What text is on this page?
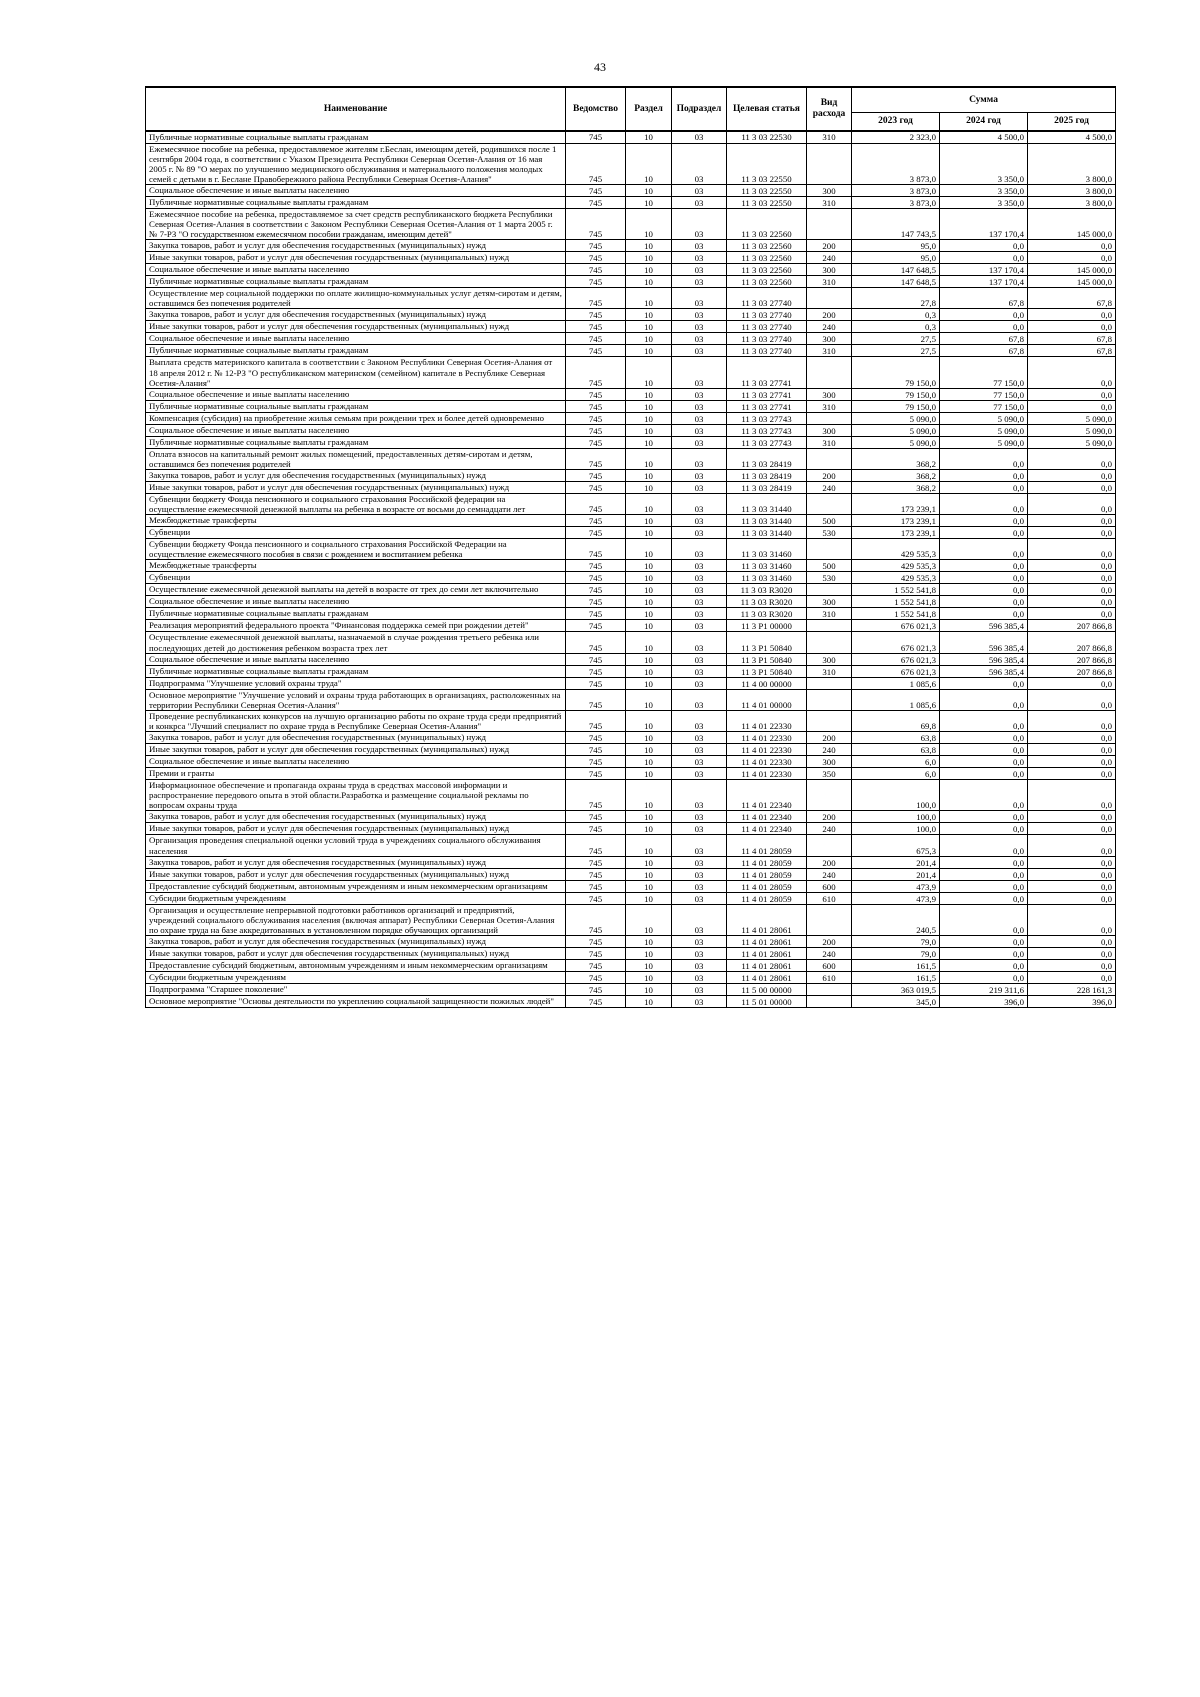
43
Наименование	Ведомство	Раздел	Подраздел	Целевая статья	Вид расхода	Сумма		
						2023 год	2024 год	2025 год
Публичные нормативные социальные выплаты гражданам	745	10	03	11 3 03 22530	310	2 323,0	4 500,0	4 500,0
Ежемесячное пособие на ребенка, предоставляемое жителям г.Беслан, имеющим детей, родившихся после 1 сентября 2004 года, в соответствии с Указом Президента Республики Северная Осетия-Алания от 16 мая 2005 г. № 89 "О мерах по улучшению медицинского обслуживания и материального положения молодых семей с детьми в г. Беслане Правобережного района Республики Северная Осетия-Алания"	745	10	03	11 3 03 22550		3 873,0	3 350,0	3 800,0
Социальное обеспечение и иные выплаты населению	745	10	03	11 3 03 22550	300	3 873,0	3 350,0	3 800,0
Публичные нормативные социальные выплаты гражданам	745	10	03	11 3 03 22550	310	3 873,0	3 350,0	3 800,0
Ежемесячное пособие на ребенка, предоставляемое за счет средств республиканского бюджета Республики Северная Осетия-Алания в соответствии с Законом Республики Северная Осетия-Алания от 1 марта 2005 г. № 7-РЗ "О государственном ежемесячном пособии гражданам, имеющим детей"	745	10	03	11 3 03 22560		147 743,5	137 170,4	145 000,0
Закупка товаров, работ и услуг для обеспечения государственных (муниципальных) нужд	745	10	03	11 3 03 22560	200	95,0	0,0	0,0
Иные закупки товаров, работ и услуг для обеспечения государственных (муниципальных) нужд	745	10	03	11 3 03 22560	240	95,0	0,0	0,0
Социальное обеспечение и иные выплаты населению	745	10	03	11 3 03 22560	300	147 648,5	137 170,4	145 000,0
Публичные нормативные социальные выплаты гражданам	745	10	03	11 3 03 22560	310	147 648,5	137 170,4	145 000,0
Осуществление мер социальной поддержки по оплате жилищно-коммунальных услуг детям-сиротам и детям, оставшимся без попечения родителей	745	10	03	11 3 03 27740		27,8	67,8	67,8
Закупка товаров, работ и услуг для обеспечения государственных (муниципальных) нужд	745	10	03	11 3 03 27740	200	0,3	0,0	0,0
Иные закупки товаров, работ и услуг для обеспечения государственных (муниципальных) нужд	745	10	03	11 3 03 27740	240	0,3	0,0	0,0
Социальное обеспечение и иные выплаты населению	745	10	03	11 3 03 27740	300	27,5	67,8	67,8
Публичные нормативные социальные выплаты гражданам	745	10	03	11 3 03 27740	310	27,5	67,8	67,8
Выплата средств материнского капитала в соответствии с Законом Республики Северная Осетия-Алания от 18 апреля 2012 г. № 12-РЗ "О республиканском материнском (семейном) капитале в Республике Северная Осетия-Алания"	745	10	03	11 3 03 27741		79 150,0	77 150,0	0,0
Социальное обеспечение и иные выплаты населению	745	10	03	11 3 03 27741	300	79 150,0	77 150,0	0,0
Публичные нормативные социальные выплаты гражданам	745	10	03	11 3 03 27741	310	79 150,0	77 150,0	0,0
Компенсация (субсидия) на приобретение жилья семьям при рождении трех и более детей одновременно	745	10	03	11 3 03 27743		5 090,0	5 090,0	5 090,0
Социальное обеспечение и иные выплаты населению	745	10	03	11 3 03 27743	300	5 090,0	5 090,0	5 090,0
Публичные нормативные социальные выплаты гражданам	745	10	03	11 3 03 27743	310	5 090,0	5 090,0	5 090,0
Оплата взносов на капитальный ремонт жилых помещений, предоставленных детям-сиротам и детям, оставшимся без попечения родителей	745	10	03	11 3 03 28419		368,2	0,0	0,0
Закупка товаров, работ и услуг для обеспечения государственных (муниципальных) нужд	745	10	03	11 3 03 28419	200	368,2	0,0	0,0
Иные закупки товаров, работ и услуг для обеспечения государственных (муниципальных) нужд	745	10	03	11 3 03 28419	240	368,2	0,0	0,0
Субвенции бюджету Фонда пенсионного и социального страхования Российской федерации на осуществление ежемесячной денежной выплаты на ребенка в возрасте от восьми до семнадцати лет	745	10	03	11 3 03 31440		173 239,1	0,0	0,0
Межбюджетные трансферты	745	10	03	11 3 03 31440	500	173 239,1	0,0	0,0
Субвенции	745	10	03	11 3 03 31440	530	173 239,1	0,0	0,0
Субвенции бюджету Фонда пенсионного и социального страхования Российской Федерации на осуществление ежемесячного пособия в связи с рождением и воспитанием ребенка	745	10	03	11 3 03 31460		429 535,3	0,0	0,0
Межбюджетные трансферты	745	10	03	11 3 03 31460	500	429 535,3	0,0	0,0
Субвенции	745	10	03	11 3 03 31460	530	429 535,3	0,0	0,0
Осуществление ежемесячной денежной выплаты на детей в возрасте от трех до семи лет включительно	745	10	03	11 3 03 R3020		1 552 541,8	0,0	0,0
Социальное обеспечение и иные выплаты населению	745	10	03	11 3 03 R3020	300	1 552 541,8	0,0	0,0
Публичные нормативные социальные выплаты гражданам	745	10	03	11 3 03 R3020	310	1 552 541,8	0,0	0,0
Реализация мероприятий федерального проекта "Финансовая поддержка семей при рождении детей"	745	10	03	11 3 P1 00000		676 021,3	596 385,4	207 866,8
Осуществление ежемесячной денежной выплаты, назначаемой в случае рождения третьего ребенка или последующих детей до достижения ребенком возраста трех лет	745	10	03	11 3 P1 50840		676 021,3	596 385,4	207 866,8
Социальное обеспечение и иные выплаты населению	745	10	03	11 3 P1 50840	300	676 021,3	596 385,4	207 866,8
Публичные нормативные социальные выплаты гражданам	745	10	03	11 3 P1 50840	310	676 021,3	596 385,4	207 866,8
Подпрограмма "Улучшение условий охраны труда"	745	10	03	11 4 00 00000		1 085,6	0,0	0,0
Основное мероприятие "Улучшение условий и охраны труда работающих в организациях, расположенных на территории Республики Северная Осетия-Алания"	745	10	03	11 4 01 00000		1 085,6	0,0	0,0
Проведение республиканских конкурсов на лучшую организацию работы по охране труда среди предприятий и конкрса "Лучший специалист по охране труда в Республике Северная Осетия-Алания"	745	10	03	11 4 01 22330		69,8	0,0	0,0
Закупка товаров, работ и услуг для обеспечения государственных (муниципальных) нужд	745	10	03	11 4 01 22330	200	63,8	0,0	0,0
Иные закупки товаров, работ и услуг для обеспечения государственных (муниципальных) нужд	745	10	03	11 4 01 22330	240	63,8	0,0	0,0
Социальное обеспечение и иные выплаты населению	745	10	03	11 4 01 22330	300	6,0	0,0	0,0
Премии и гранты	745	10	03	11 4 01 22330	350	6,0	0,0	0,0
Информационное обеспечение и пропаганда охраны труда в средствах массовой информации и распространение передового опыта в этой области.Разработка и размещение социальной рекламы по вопросам охраны труда	745	10	03	11 4 01 22340		100,0	0,0	0,0
Закупка товаров, работ и услуг для обеспечения государственных (муниципальных) нужд	745	10	03	11 4 01 22340	200	100,0	0,0	0,0
Иные закупки товаров, работ и услуг для обеспечения государственных (муниципальных) нужд	745	10	03	11 4 01 22340	240	100,0	0,0	0,0
Организация проведения специальной оценки условий труда в учреждениях социального обслуживания населения	745	10	03	11 4 01 28059		675,3	0,0	0,0
Закупка товаров, работ и услуг для обеспечения государственных (муниципальных) нужд	745	10	03	11 4 01 28059	200	201,4	0,0	0,0
Иные закупки товаров, работ и услуг для обеспечения государственных (муниципальных) нужд	745	10	03	11 4 01 28059	240	201,4	0,0	0,0
Предоставление субсидий бюджетным, автономным учреждениям и иным некоммерческим организациям	745	10	03	11 4 01 28059	600	473,9	0,0	0,0
Субсидии бюджетным учреждениям	745	10	03	11 4 01 28059	610	473,9	0,0	0,0
Организация и осуществление непрерывной подготовки работников организаций и предприятий, учреждений социального обслуживания населения (включая аппарат) Республики Северная Осетия-Алания по охране труда на базе аккредитованных в установленном порядке обучающих организаций	745	10	03	11 4 01 28061		240,5	0,0	0,0
Закупка товаров, работ и услуг для обеспечения государственных (муниципальных) нужд	745	10	03	11 4 01 28061	200	79,0	0,0	0,0
Иные закупки товаров, работ и услуг для обеспечения государственных (муниципальных) нужд	745	10	03	11 4 01 28061	240	79,0	0,0	0,0
Предоставление субсидий бюджетным, автономным учреждениям и иным некоммерческим организациям	745	10	03	11 4 01 28061	600	161,5	0,0	0,0
Субсидии бюджетным учреждениям	745	10	03	11 4 01 28061	610	161,5	0,0	0,0
Подпрограмма "Старшее поколение"	745	10	03	11 5 00 00000		363 019,5	219 311,6	228 161,3
Основное мероприятие "Основы деятельности по укреплению социальной защищенности пожилых людей"	745	10	03	11 5 01 00000		345,0	396,0	396,0
